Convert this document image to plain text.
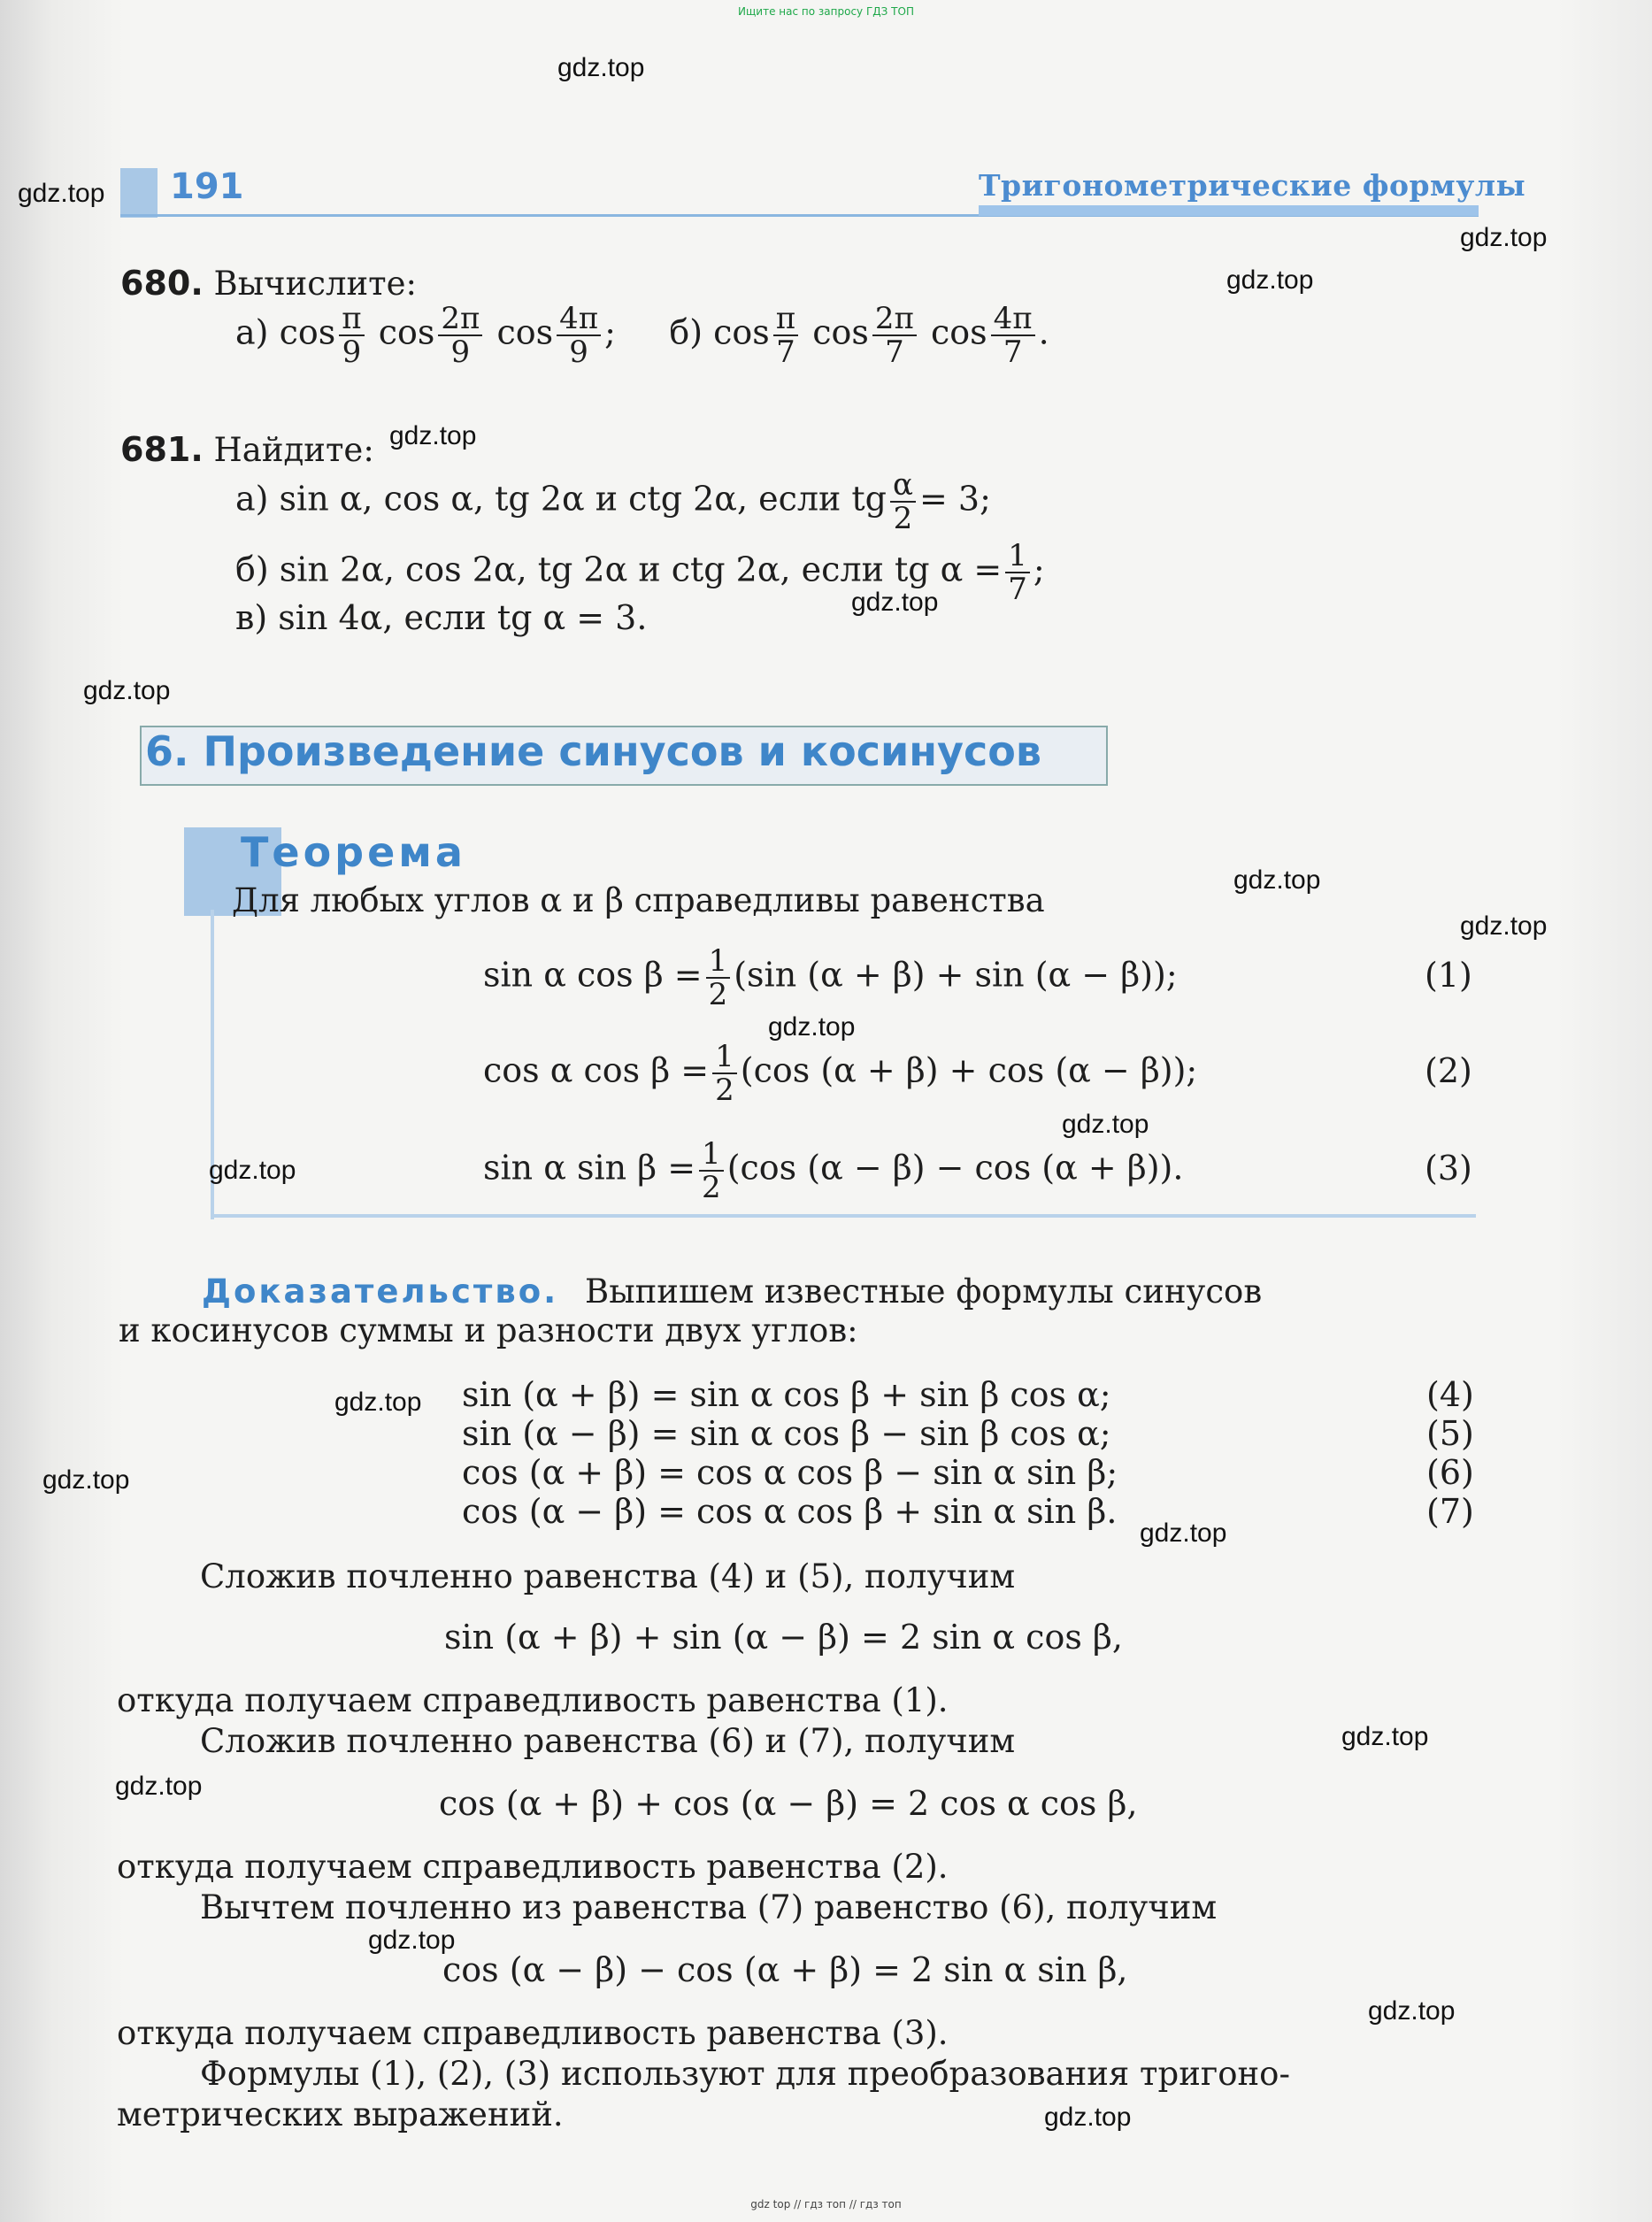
Ищите нас по запросу ГДЗ ТОП
191	Тригонометрические формулы
680. Вычислите:
а) $\cos \frac{\pi}{9}$ $\cos \frac{2\pi}{9}$ $\cos \frac{4\pi}{9}$ ; б) $\cos \frac{\pi}{7}$ $\cos \frac{2\pi}{7}$ $\cos \frac{4\pi}{7}$ .
681. Найдите:
а) sin α, cos α, tg 2α и ctg 2α, если tg $\frac{\alpha}{2} = 3$;
б) sin 2α, cos 2α, tg 2α и ctg 2α, если tg $\alpha = \frac{1}{7}$ ;
в) sin 4α, если tg α = 3.
6. Произведение синусов и косинусов
Теорема
Для любых углов α и β справедливы равенства
sin α $\cos \beta = \frac{1}{2} (\sin$ (α + β) + sin (α − β));	(1)
cos α $\cos \beta = \frac{1}{2} (\cos$ (α + β) + cos (α − β));	(2)
sin α $\sin \beta = \frac{1}{2} (\cos$ (α − β) − cos (α + β)).	(3)
Доказательство. Выпишем известные формулы синусов
и косинусов суммы и разности двух углов:
sin (α + β) = sin α cos β + sin β cos α;	(4)
sin (α − β) = sin α cos β − sin β cos α;	(5)
cos (α + β) = cos α cos β − sin α sin β;	(6)
cos (α − β) = cos α cos β + sin α sin β.	(7)
Сложив почленно равенства (4) и (5), получим
sin (α + β) + sin (α − β) = 2 sin α cos β,
откуда получаем справедливость равенства (1).
Сложив почленно равенства (6) и (7), получим
cos (α + β) + cos (α − β) = 2 cos α cos β,
откуда получаем справедливость равенства (2).
Вычтем почленно из равенства (7) равенство (6), получим
cos (α − β) − cos (α + β) = 2 sin α sin β,
откуда получаем справедливость равенства (3).
Формулы (1), (2), (3) используют для преобразования тригоно-
метрических выражений.
gdz.top
gdz.top
gdz.top
gdz.top
gdz.top
gdz.top
gdz.top
gdz.top
gdz.top
gdz.top
gdz.top
gdz.top
gdz.top
gdz.top
gdz.top
gdz.top
gdz.top
gdz.top
gdz.top
gdz.top
gdz top // гдз топ // гдз топ
